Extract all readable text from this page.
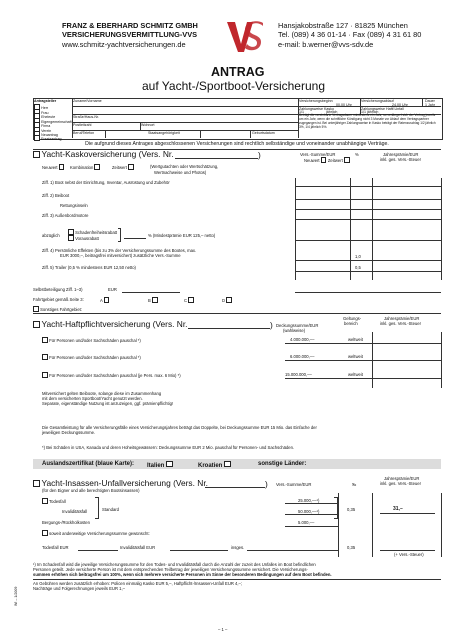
FRANZ & EBERHARD SCHMITZ GMBH
VERSICHERUNGSVERMITTLUNG-VVS
www.schmitz-yachtversicherungen.de
Hansjakobstraße 127 · 81825 München
Tel. (089) 4 36 01-14 · Fax (089) 4 31 61 80
e-mail: b.werner@vvs-sdv.de
ANTRAG
auf Yacht-/Sportboot-Versicherung
Antragsteller
Herr
Frau
Eheleute
Eigengemeinschaft
Firma
Verein
Neuantrag
Ersatzantrag
Zuname/Vorname
Straße/Haus-Nr.
Postleitzahl	Wohnort
Beruf/Telefon	Staatsangehörigkeit	Geburtsdatum
Versicherungsbeginn
00.00 Uhr
Versicherungsablauf
24.00 Uhr
Dauer
1 Jahr
Zahlungsweise Kasko
1/1	jährlich
Zahlungsweise Haftf.Unfall
1/1 jährlich
Beträgt die vereinbarte Vertragsdauer mindestens ein Jahr, so verlängert sich der Vertrag jeweils um ein Jahr, wenn die schriftliche Kündigung nicht 3 Monate vor Ablauf dem Vertragspartner zugegangen ist. Bei unterjähriger Zahlungsweise in Kasko beträgt der Ratenzuschlag 1/2 jährlich 3%, 1/4 jährlich 5%.
Die aufgrund dieses Antrages abgeschlossenen Versicherungen sind rechtlich selbständige und voneinander unabhängige Verträge.
Yacht-Kaskoversicherung (Vers. Nr.	)	Vers.-Summe/EUR
Neuwert Zeitwert
%	Jahresprämie/EUR
inkl. ges. Vers.-Steuer
Neuwert	Kombination	Zeitwert	(Wertgutachten oder Wertschätzung,
Wertnachweise und Photos)
Ziff. 1) Boot nebst der Einrichtung, Inventar, Ausrüstung und Zubehör
Ziff. 2) Beiboot
Rettungsinseln
Ziff. 3) Außenbordmotore
abzüglich
Schadenfreiheitsrabatt
Vorausrabatt
% (Mindestprämie EUR 125,– netto)
Ziff. 4) Persönliche Effekten (bis zu 3% der Versicherungssumme des Bootes, max.
EUR 3000,–, beitragsfrei mitversichert) zusätzliche Vers.-Summe	1,0
Ziff. 5) Trailer (0,5 % mindestens EUR 12,50 netto)	0,5
Selbstbeteiligung Ziff. 1–3)	EUR
Fahrtgebiet gemäß Seite 3:	A	B	C	D
Sonstiges Fahrtgebiet:
Yacht-Haftpflichtversicherung (Vers. Nr.	) Deckungssumme/EUR
(wahlweise)
Geltungs-
bereich
Jahresprämie/EUR
inkl. ges. Vers.-Steuer
Für Personen und/oder Sachschäden pauschal *)	4.000.000,––	weltweit
Für Personen und/oder Sachschäden pauschal *)	6.000.000,––	weltweit
Für Personen und/oder Sachschäden pauschal (je Pers. max. 6 Mio) *)	15.000.000,––	weltweit
Mitversichert gelten Beiboote, solange diese im Zusammenhang
mit dem versicherten Sportboot/Yacht genutzt werden.
Separate, eigenständige Nutzung ist anzuzeigen, ggf. prämienpflichtig!
Die Gesamtleistung für alle Versicherungsfälle eines Versicherungsjahres beträgt das Doppelte, bei Deckungssumme EUR 15 Mio. das Einfache der
jeweiligen Deckungssumme.
*) Bei Schäden in USA, Kanada und deren Hoheitsgewässern: Deckungssumme EUR 2 Mio. pauschal für Personen- und Sachschäden.
Auslandszertifikat (blaue Karte): Italien	Kroatien	sonstige Länder:
Yacht-Insassen-Unfallversicherung (Vers. Nr.	)
(für den Eigner und alle berechtigten Bootsinsassen)
Vers.-Summe/EUR	‰
Jahresprämie/EUR
inkl. ges. Vers.-Steuer
Todesfall	25.000,––¹)
Invaliditätsfall	Standard	50.000,––¹)	0,35	31,–
Bergungs-/Rückholkosten	5.000,––
soweit anderweitige Versicherungssumme gewünscht:
Todesfall EUR	Invaliditätsfall EUR	insges.	0,35
(+ Vers.-Steuer)
¹) Im Schadenfall wird die jeweilige Versicherungssumme für den Todes- und Invaliditätsfall durch die Anzahl der zuzeit des Unfalles im Boot befindlichen
Personen geteilt. Jede versicherte Person ist mit dem entsprechenden Teilbetrag der jeweiligen Versicherungssumme versichert. Die Versicherungs-
summen erhöhen sich beitragsfrei um 100%, wenn sich mehrere versicherte Personen im Sinne der besonderen Bedingungen auf dem Boot befinden.
An Gebühren werden zusätzlich erhoben: Policen einmalig Kasko EUR 5,–, Haftpflicht-/Insassen-Unfall EUR 4,–;
Nachträge und Folgerechnungen jeweils EUR 1,–
WI – 1/2009
– 1 –
